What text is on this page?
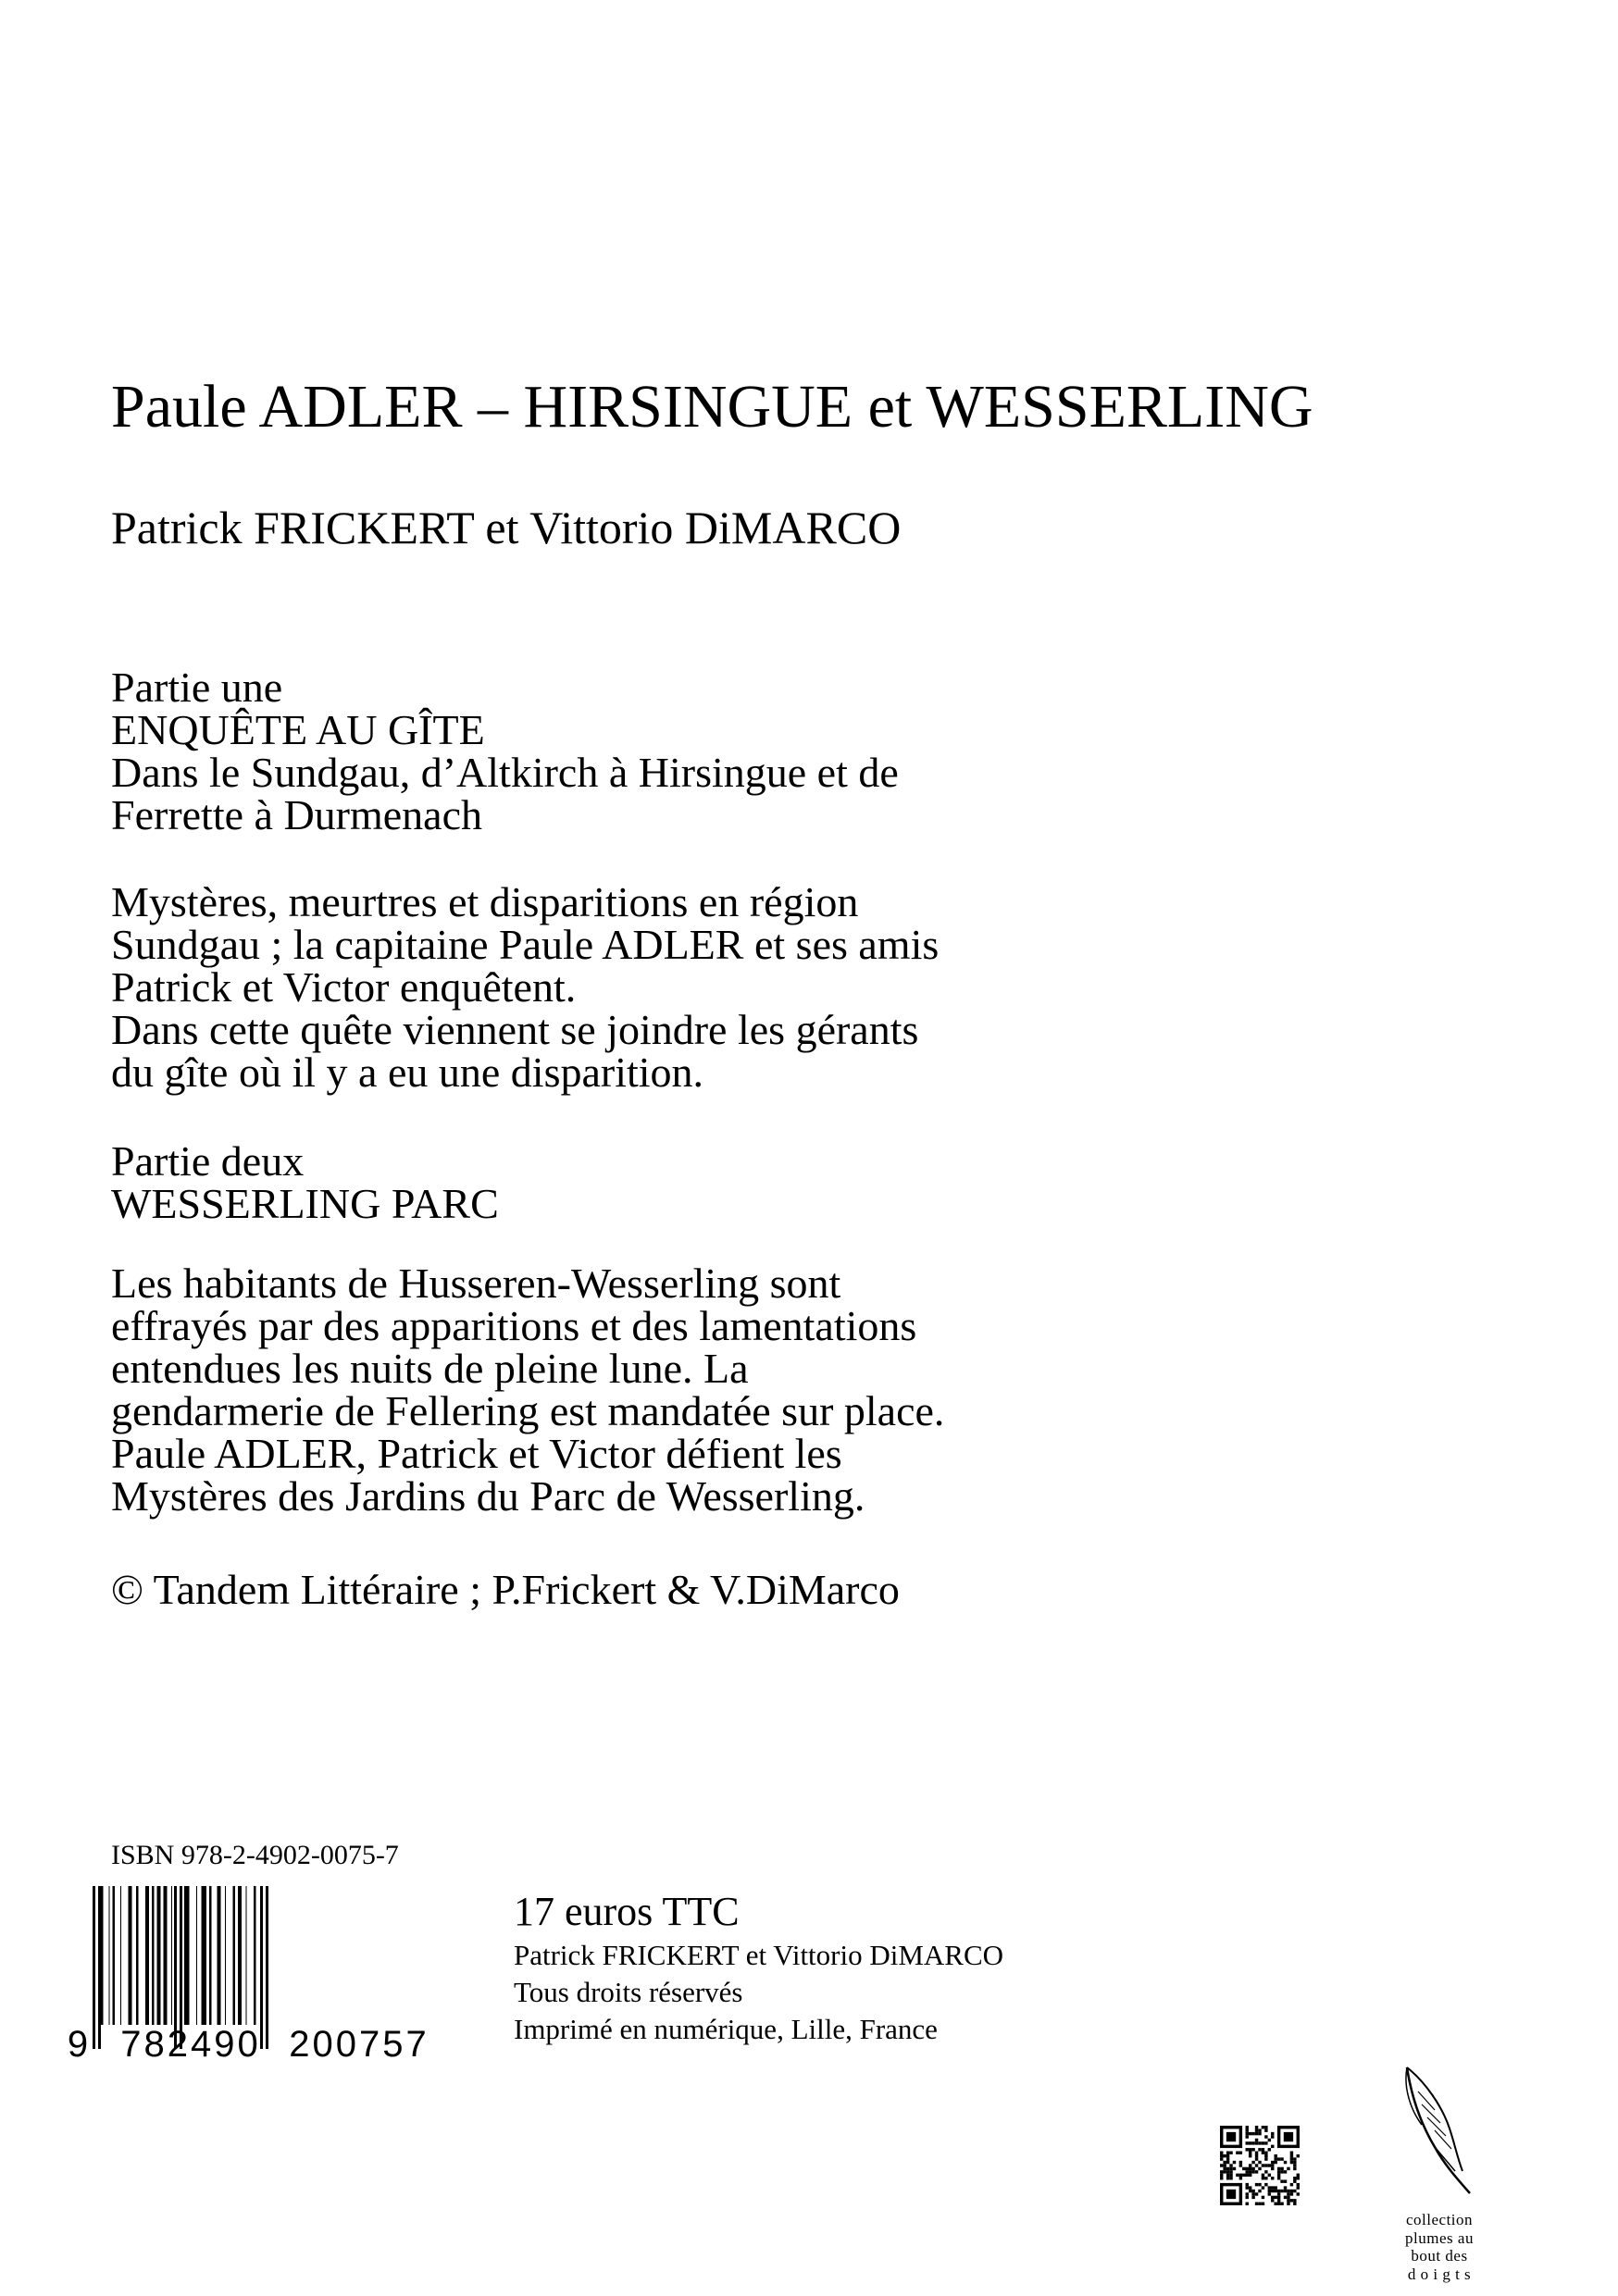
Paule ADLER – HIRSINGUE et WESSERLING
Patrick FRICKERT et Vittorio DiMARCO

Partie une
ENQUÊTE AU GÎTE
Dans le Sundgau, d’Altkirch à Hirsingue et de
Ferrette à Durmenach

Mystères, meurtres et disparitions en région
Sundgau ; la capitaine Paule ADLER et ses amis
Patrick et Victor enquêtent.
Dans cette quête viennent se joindre les gérants
du gîte où il y a eu une disparition.

Partie deux
WESSERLING PARC

Les habitants de Husseren-Wesserling sont
effrayés par des apparitions et des lamentations
entendues les nuits de pleine lune. La
gendarmerie de Fellering est mandatée sur place.
Paule ADLER, Patrick et Victor défient les
Mystères des Jardins du Parc de Wesserling.

© Tandem Littéraire ; P.Frickert & V.DiMarco
ISBN 978-2-4902-0075-7
9 782490 200757
17 euros TTC
Patrick FRICKERT et Vittorio DiMARCO
Tous droits réservés
Imprimé en numérique, Lille, France
collection
plumes au
bout des
d o i g t s
